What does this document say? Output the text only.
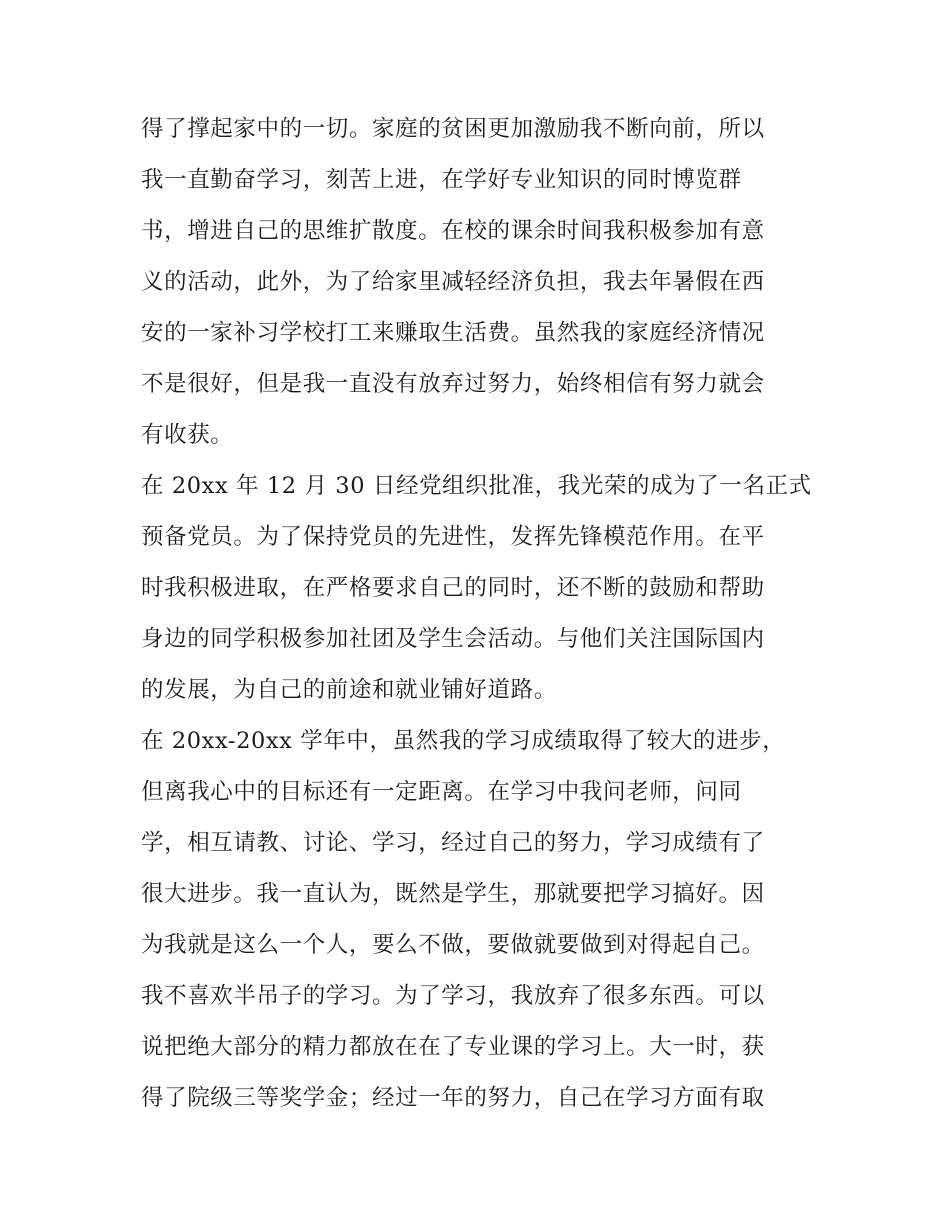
得了撑起家中的一切。家庭的贫困更加激励我不断向前，所以
我一直勤奋学习，刻苦上进，在学好专业知识的同时博览群
书，增进自己的思维扩散度。在校的课余时间我积极参加有意
义的活动，此外，为了给家里减轻经济负担，我去年暑假在西
安的一家补习学校打工来赚取生活费。虽然我的家庭经济情况
不是很好，但是我一直没有放弃过努力，始终相信有努力就会
有收获。
在 20xx 年 12 月 30 日经党组织批准，我光荣的成为了一名正式
预备党员。为了保持党员的先进性，发挥先锋模范作用。在平
时我积极进取，在严格要求自己的同时，还不断的鼓励和帮助
身边的同学积极参加社团及学生会活动。与他们关注国际国内
的发展，为自己的前途和就业铺好道路。
在 20xx-20xx 学年中，虽然我的学习成绩取得了较大的进步，
但离我心中的目标还有一定距离。在学习中我问老师，问同
学，相互请教、讨论、学习，经过自己的努力，学习成绩有了
很大进步。我一直认为，既然是学生，那就要把学习搞好。因
为我就是这么一个人，要么不做，要做就要做到对得起自己。
我不喜欢半吊子的学习。为了学习，我放弃了很多东西。可以
说把绝大部分的精力都放在在了专业课的学习上。大一时，获
得了院级三等奖学金；经过一年的努力，自己在学习方面有取
